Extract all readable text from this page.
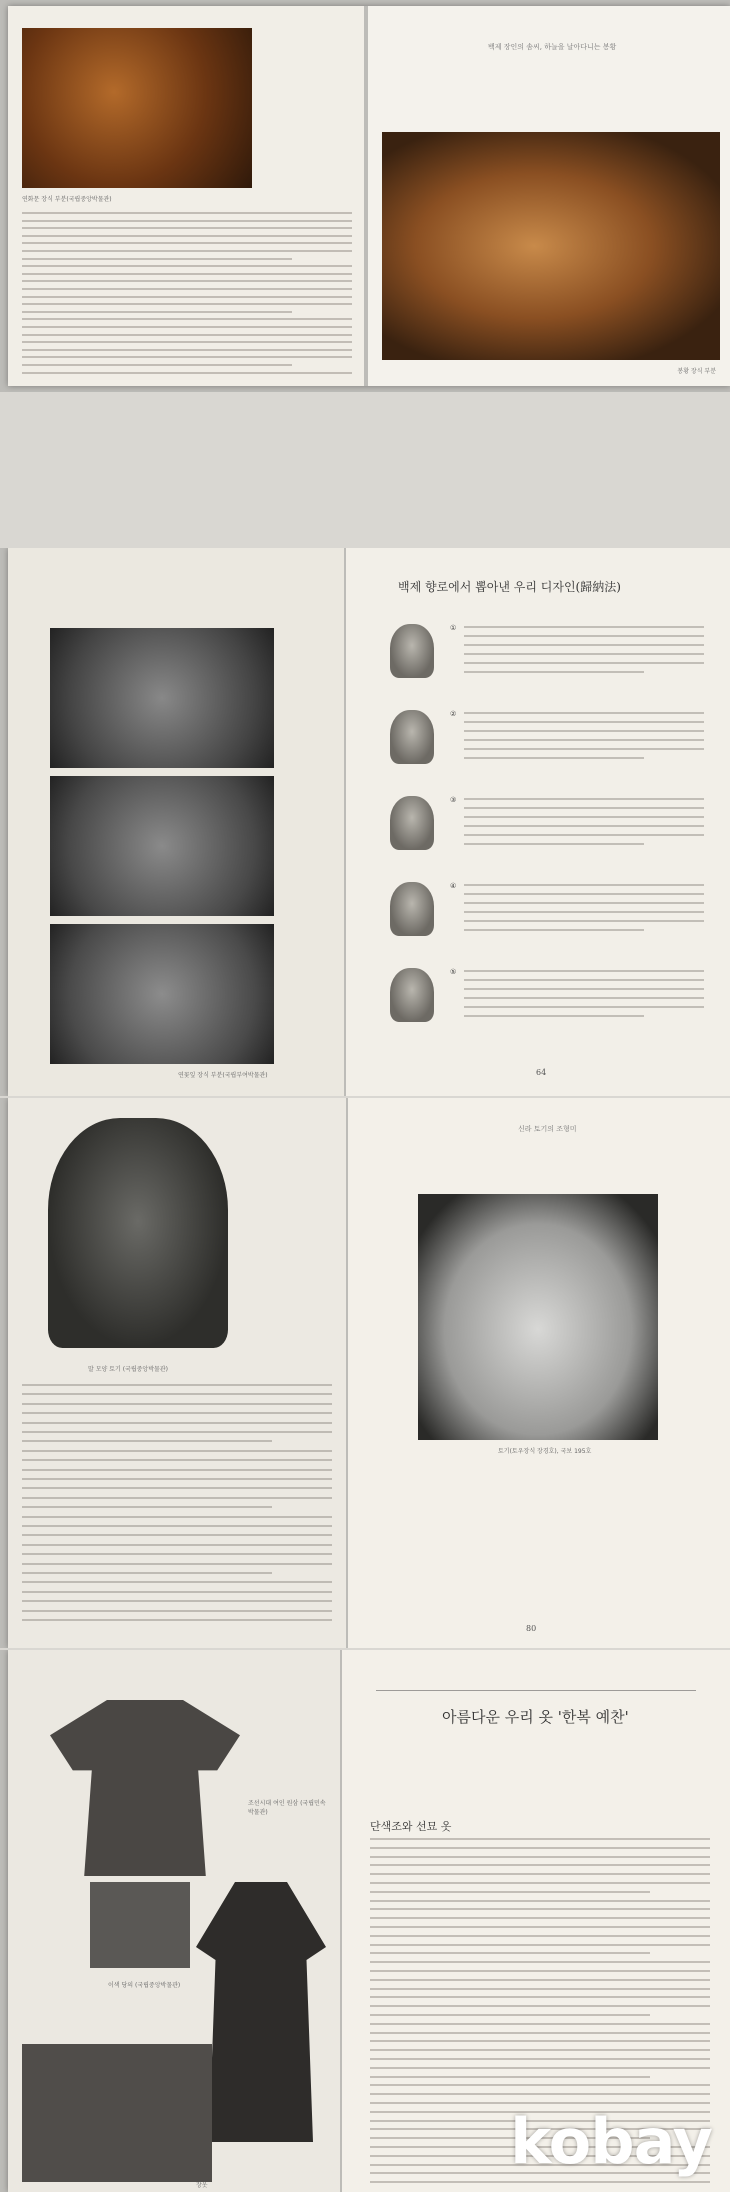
연화문 장식 부분(국립중앙박물관)
백제 장인의 솜씨, 하늘을 날아다니는 봉황
봉황 장식 부분
연꽃잎 장식 부분(국립부여박물관)
백제 향로에서 뽑아낸 우리 디자인(歸納法)
①
②
③
④
⑤
64
말 모양 토기 (국립중앙박물관)
신라 토기의 조형미
토기(토우장식 장경호), 국보 195호
80
조선시대 여인 원삼 (국립민속박물관)
이색 당의 (국립중앙박물관)
장옷
아름다운 우리 옷 '한복 예찬'
단색조와 선묘 옷
kobay
